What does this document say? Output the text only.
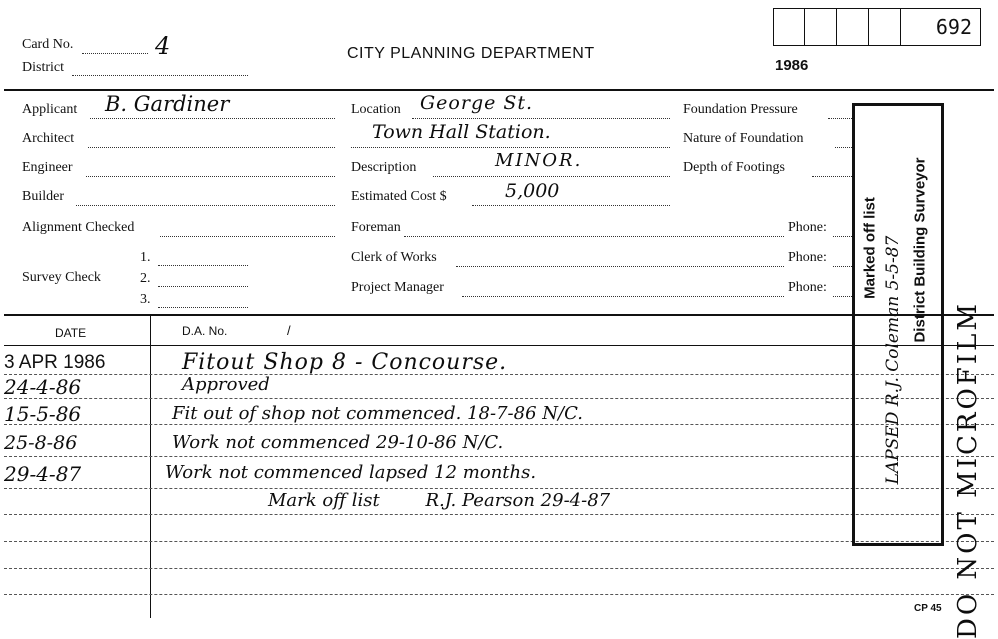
Card No.	4
District
CITY PLANNING DEPARTMENT
1986
692
Applicant B. Gardiner
Architect
Engineer
Builder
Alignment Checked
Survey Check
1.
2.
3.
Location George St.
Town Hall Station.
Description	MINOR.
Estimated Cost $	5,000
Foreman
Clerk of Works
Project Manager
Foundation Pressure
Nature of Foundation
Depth of Footings
Phone:
Phone:
Phone:
DATE	D.A. No.	/
3 APR 1986	Fitout Shop 8 - Concourse.
24-4-86	Approved
15-5-86	Fit out of shop not commenced. 18-7-86 N/C.
25-8-86	Work not commenced 29-10-86 N/C.
29-4-87	Work not commenced lapsed 12 months.
Mark off list        R.J. Pearson 29-4-87
Marked off list District Building Surveyor
LAPSED R.J. Coleman 5-5-87 DO NOT MICROFILM
CP 45
